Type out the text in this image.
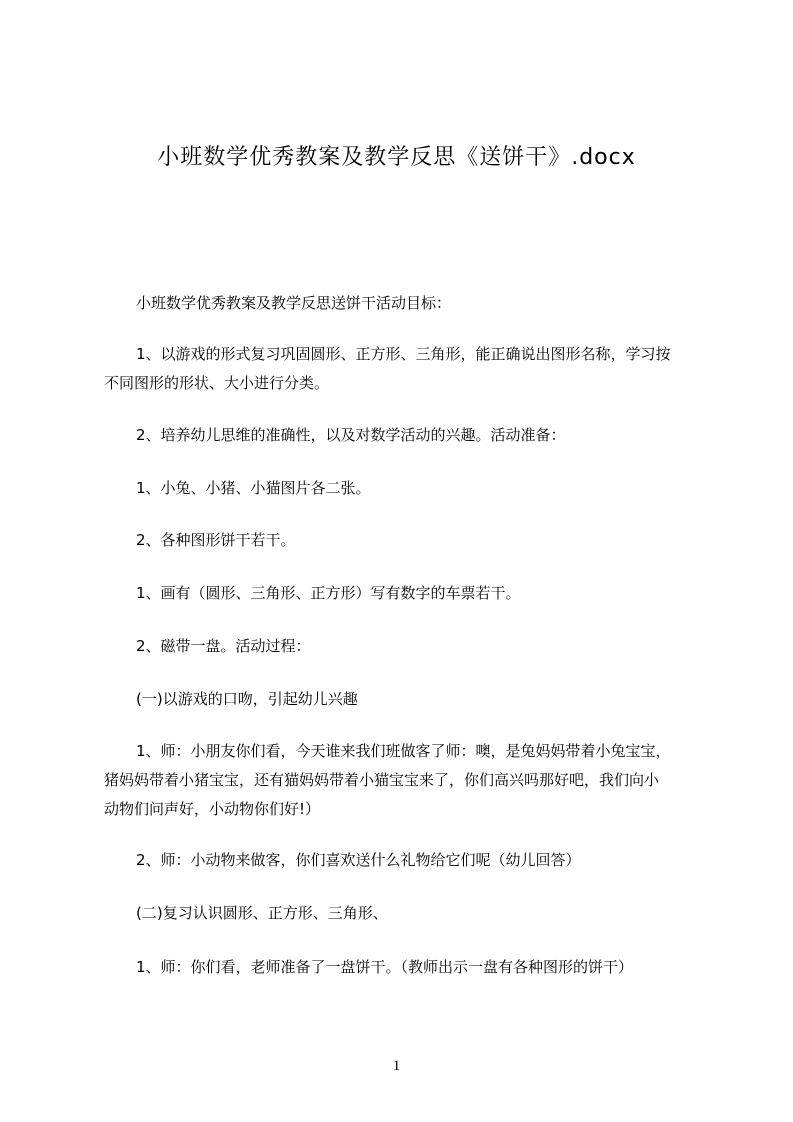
小班数学优秀教案及教学反思《送饼干》.docx
小班数学优秀教案及教学反思送饼干活动目标：
1、以游戏的形式复习巩固圆形、正方形、三角形，能正确说出图形名称，学习按
不同图形的形状、大小进行分类。
2、培养幼儿思维的准确性，以及对数学活动的兴趣。活动准备：
1、小兔、小猪、小猫图片各二张。
2、各种图形饼干若干。
1、画有（圆形、三角形、正方形）写有数字的车票若干。
2、磁带一盘。活动过程：
(一)以游戏的口吻，引起幼儿兴趣
1、师：小朋友你们看，今天谁来我们班做客了师：噢，是兔妈妈带着小兔宝宝，
猪妈妈带着小猪宝宝，还有猫妈妈带着小猫宝宝来了，你们高兴吗那好吧，我们向小
动物们问声好，小动物你们好!）
2、师：小动物来做客，你们喜欢送什么礼物给它们呢（幼儿回答）
(二)复习认识圆形、正方形、三角形、
1、师：你们看，老师准备了一盘饼干。（教师出示一盘有各种图形的饼干）
1
